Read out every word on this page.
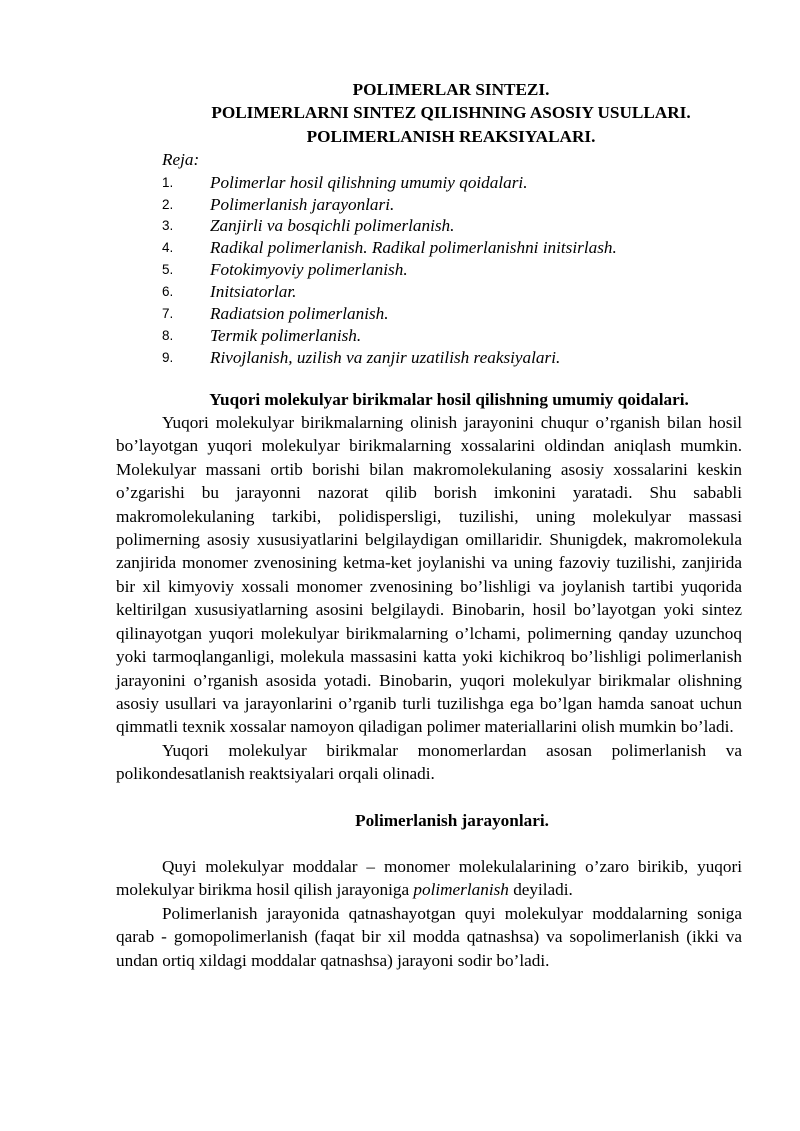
POLIMERLAR SINTEZI.

POLIMERLARNI SINTEZ QILISHNING ASOSIY USULLARI.

POLIMERLANISH REAKSIYALARI.

Reja:

1. Polimerlar hosil qilishning umumiy qoidalari.
2. Polimerlanish jarayonlari.
3. Zanjirli va bosqichli polimerlanish.
4. Radikal polimerlanish. Radikal polimerlanishni initsirlash.
5. Fotokimyoviy polimerlanish.
6. Initsiatorlar.
7. Radiatsion polimerlanish.
8. Termik polimerlanish.
9. Rivojlanish, uzilish va zanjir uzatilish reaksiyalari.

Yuqori molekulyar birikmalar hosil qilishning umumiy qoidalari.

Yuqori molekulyar birikmalarning olinish jarayonini chuqur o’rganish bilan hosil bo’layotgan yuqori molekulyar birikmalarning xossalarini oldindan aniqlash mumkin. Molekulyar massani ortib borishi bilan makromolekulaning asosiy xossalarini keskin o’zgarishi bu jarayonni nazorat qilib borish imkonini yaratadi. Shu sababli makromolekulaning tarkibi, polidispersligi, tuzilishi, uning molekulyar massasi polimerning asosiy xususiyatlarini belgilaydigan omillaridir. Shunigdek, makromolekula zanjirida monomer zvenosining ketma-ket joylanishi va uning fazoviy tuzilishi, zanjirida bir xil kimyoviy xossali monomer zvenosining bo’lishligi va joylanish tartibi yuqorida keltirilgan xususiyatlarning asosini belgilaydi. Binobarin, hosil bo’layotgan yoki sintez qilinayotgan yuqori molekulyar birikmalarning o’lchami, polimerning qanday uzunchoq yoki tarmoqlanganligi, molekula massasini katta yoki kichikroq bo’lishligi polimerlanish jarayonini o’rganish asosida yotadi. Binobarin, yuqori molekulyar birikmalar olishning asosiy usullari va jarayonlarini o’rganib turli tuzilishga ega bo’lgan hamda sanoat uchun qimmatli texnik xossalar namoyon qiladigan polimer materiallarini olish mumkin bo’ladi.

Yuqori molekulyar birikmalar monomerlardan asosan polimerlanish va polikondesatlanish reaktsiyalari orqali olinadi.

Polimerlanish jarayonlari.

Quyi molekulyar moddalar – monomer molekulalarining o’zaro birikib, yuqori molekulyar birikma hosil qilish jarayoniga polimerlanish deyiladi.

Polimerlanish jarayonida qatnashayotgan quyi molekulyar moddalarning soniga qarab - gomopolimerlanish (faqat bir xil modda qatnashsa) va sopolimerlanish (ikki va undan ortiq xildagi moddalar qatnashsa) jarayoni sodir bo’ladi.
